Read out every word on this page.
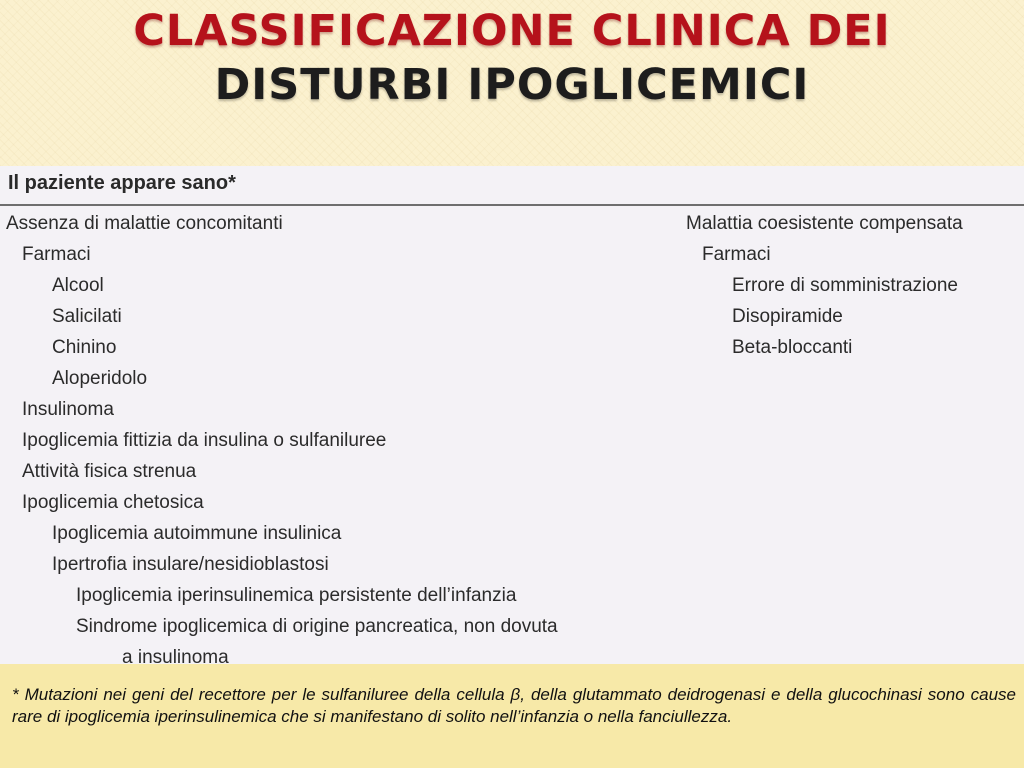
CLASSIFICAZIONE CLINICA DEI
DISTURBI IPOGLICEMICI

Il paziente appare sano*
Assenza di malattie concomitanti
Farmaci
Alcool
Salicilati
Chinino
Aloperidolo
Insulinoma
Ipoglicemia fittizia da insulina o sulfaniluree
Attività fisica strenua
Ipoglicemia chetosica
Ipoglicemia autoimmune insulinica
Ipertrofia insulare/nesidioblastosi
Ipoglicemia iperinsulinemica persistente dell’infanzia
Sindrome ipoglicemica di origine pancreatica, non dovuta
a insulinoma
Malattia coesistente compensata
Farmaci
Errore di somministrazione
Disopiramide
Beta-bloccanti
* Mutazioni nei geni del recettore per le sulfaniluree della cellula β, della glutammato deidrogenasi e della glucochinasi sono cause rare di ipoglicemia iperinsulinemica che si manifestano di solito nell’infanzia o nella fanciullezza.
